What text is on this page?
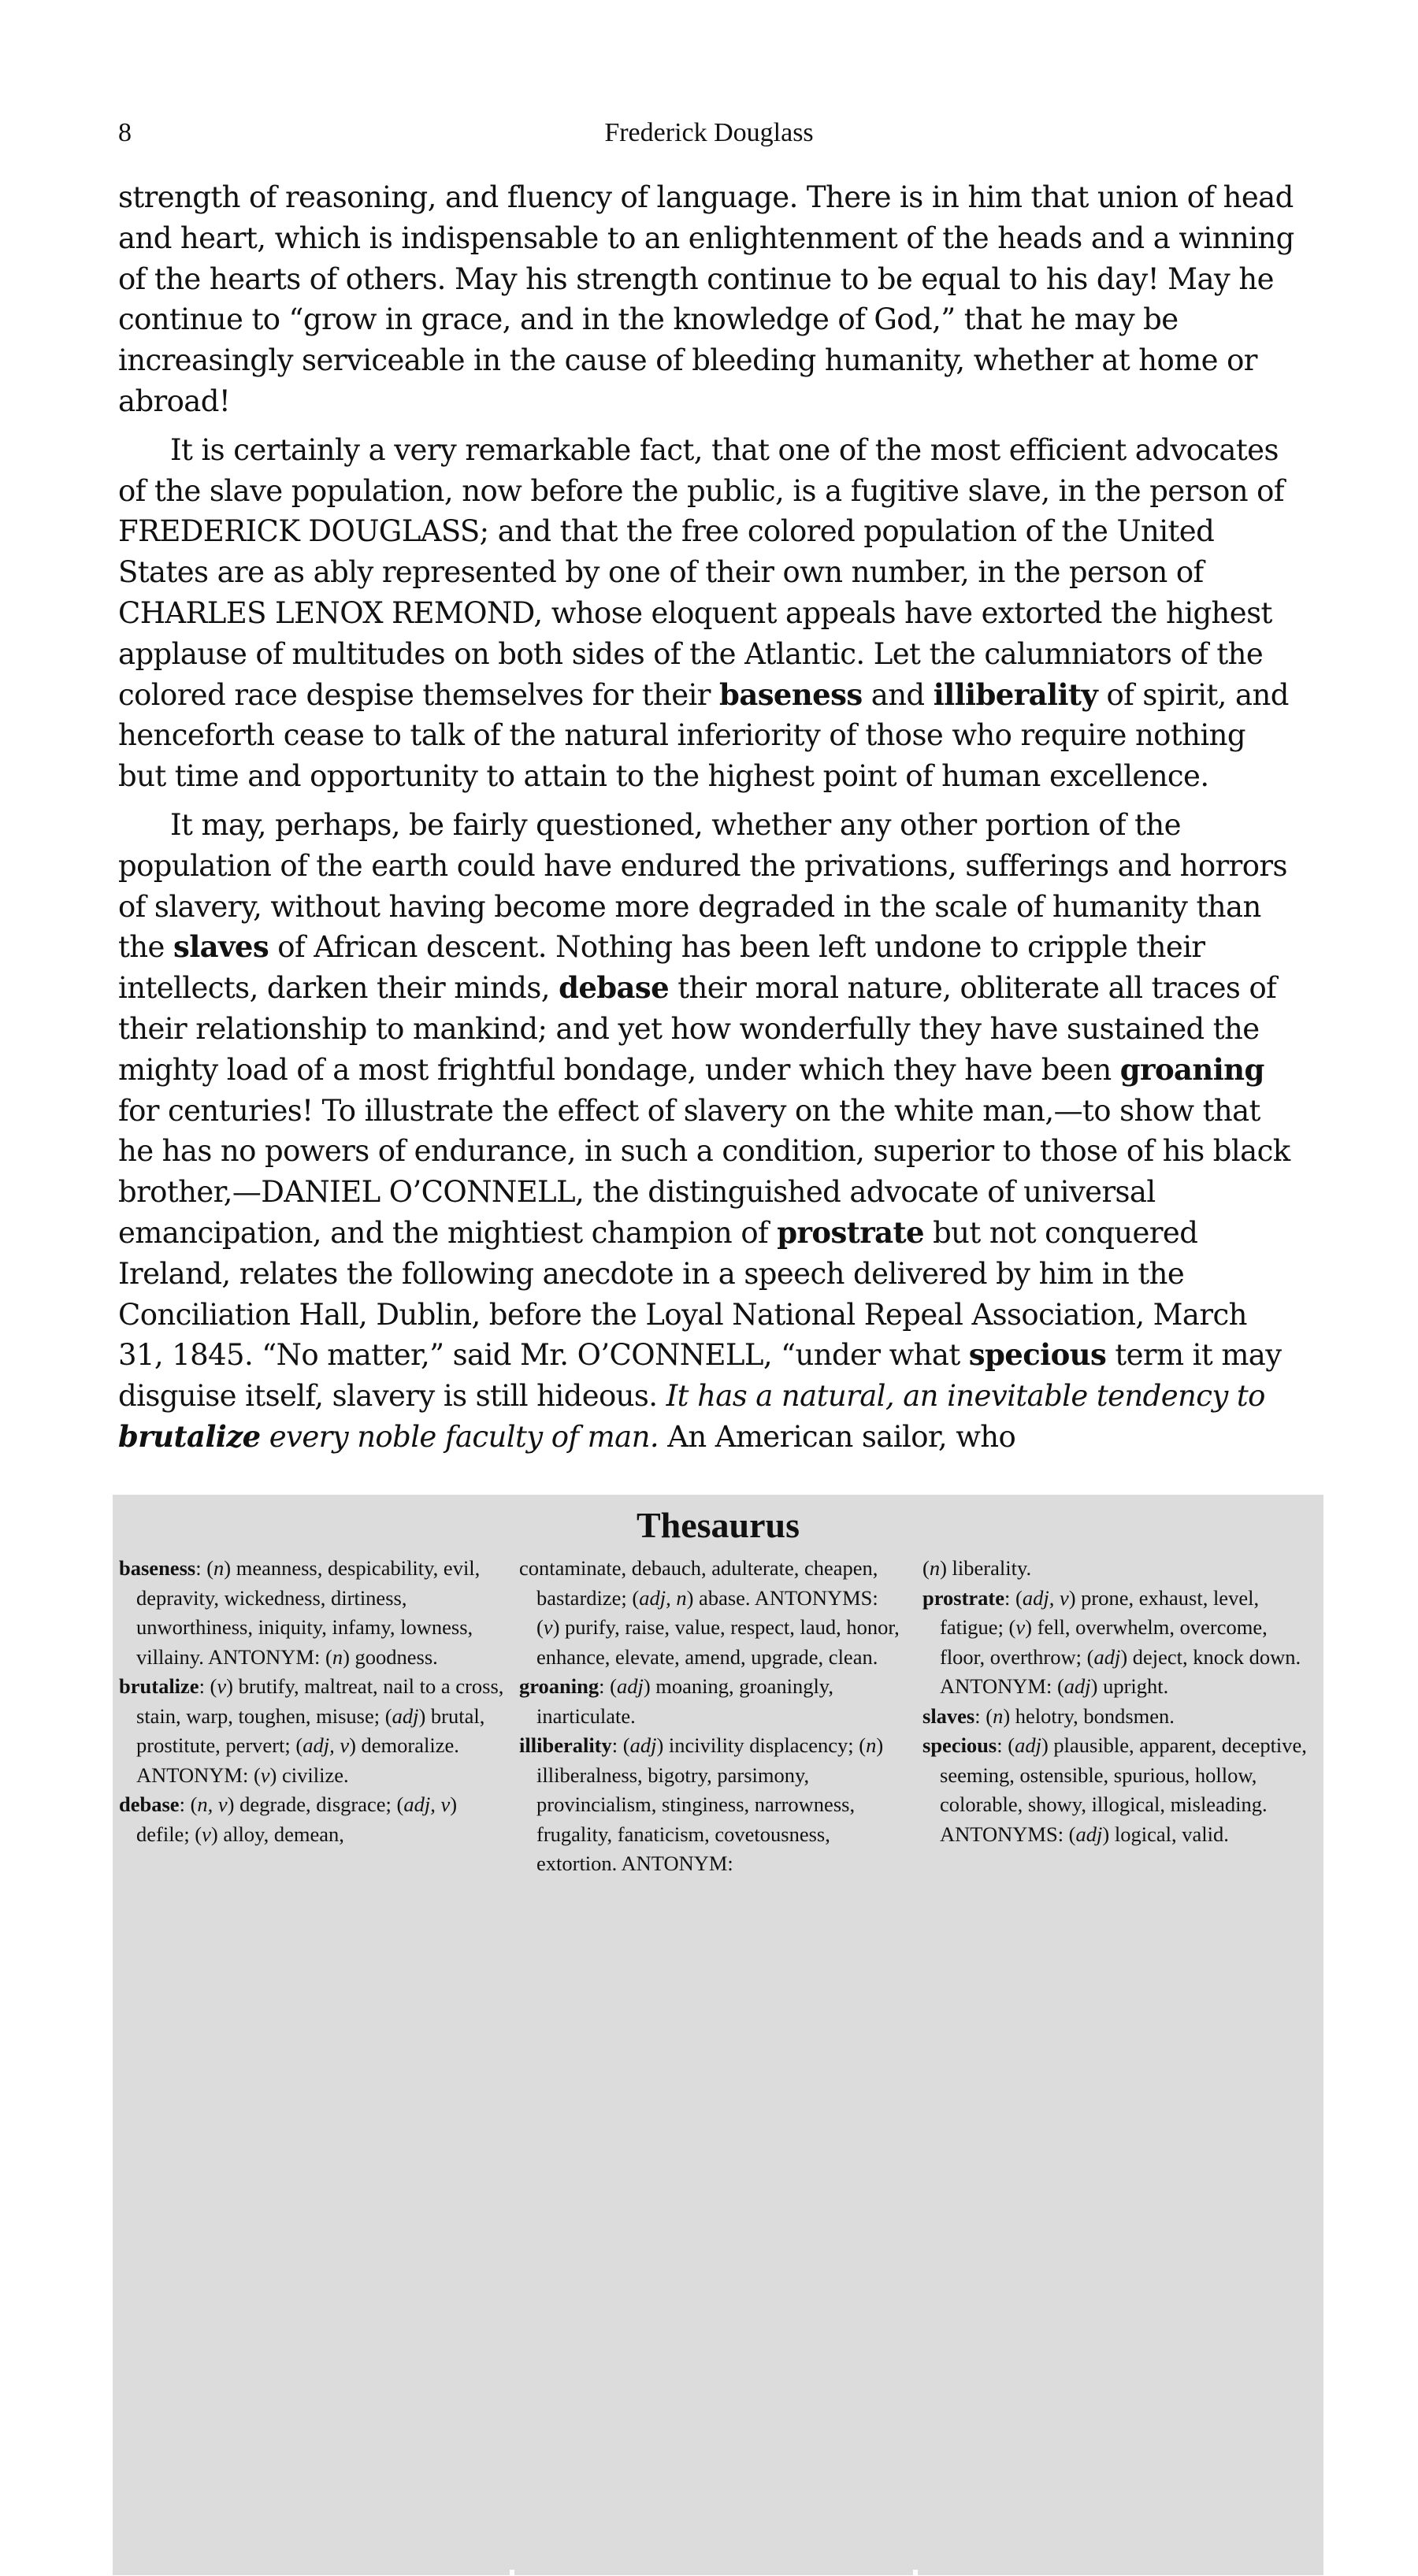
8	Frederick Douglass

strength of reasoning, and fluency of language. There is in him that union of head and heart, which is indispensable to an enlightenment of the heads and a winning of the hearts of others. May his strength continue to be equal to his day! May he continue to “grow in grace, and in the knowledge of God,” that he may be increasingly serviceable in the cause of bleeding humanity, whether at home or abroad!

It is certainly a very remarkable fact, that one of the most efficient advocates of the slave population, now before the public, is a fugitive slave, in the person of FREDERICK DOUGLASS; and that the free colored population of the United States are as ably represented by one of their own number, in the person of CHARLES LENOX REMOND, whose eloquent appeals have extorted the highest applause of multitudes on both sides of the Atlantic. Let the calumniators of the colored race despise themselves for their baseness and illiberality of spirit, and henceforth cease to talk of the natural inferiority of those who require nothing but time and opportunity to attain to the highest point of human excellence.

It may, perhaps, be fairly questioned, whether any other portion of the population of the earth could have endured the privations, sufferings and horrors of slavery, without having become more degraded in the scale of humanity than the slaves of African descent. Nothing has been left undone to cripple their intellects, darken their minds, debase their moral nature, obliterate all traces of their relationship to mankind; and yet how wonderfully they have sustained the mighty load of a most frightful bondage, under which they have been groaning for centuries! To illustrate the effect of slavery on the white man,—to show that he has no powers of endurance, in such a condition, superior to those of his black brother,—DANIEL O’CONNELL, the distinguished advocate of universal emancipation, and the mightiest champion of prostrate but not conquered Ireland, relates the following anecdote in a speech delivered by him in the Conciliation Hall, Dublin, before the Loyal National Repeal Association, March 31, 1845. “No matter,” said Mr. O’CONNELL, “under what specious term it may disguise itself, slavery is still hideous. It has a natural, an inevitable tendency to brutalize every noble faculty of man. An American sailor, who

Thesaurus
baseness: (n) meanness, despicability, evil, depravity, wickedness, dirtiness, unworthiness, iniquity, infamy, lowness, villainy. ANTONYM: (n) goodness.
brutalize: (v) brutify, maltreat, nail to a cross, stain, warp, toughen, misuse; (adj) brutal, prostitute, pervert; (adj, v) demoralize. ANTONYM: (v) civilize.
debase: (n, v) degrade, disgrace; (adj, v) defile; (v) alloy, demean,
contaminate, debauch, adulterate, cheapen, bastardize; (adj, n) abase. ANTONYMS: (v) purify, raise, value, respect, laud, honor, enhance, elevate, amend, upgrade, clean.
groaning: (adj) moaning, groaningly, inarticulate.
illiberality: (adj) incivility displacency; (n) illiberalness, bigotry, parsimony, provincialism, stinginess, narrowness, frugality, fanaticism, covetousness, extortion. ANTONYM:
(n) liberality.
prostrate: (adj, v) prone, exhaust, level, fatigue; (v) fell, overwhelm, overcome, floor, overthrow; (adj) deject, knock down. ANTONYM: (adj) upright.
slaves: (n) helotry, bondsmen.
specious: (adj) plausible, apparent, deceptive, seeming, ostensible, spurious, hollow, colorable, showy, illogical, misleading. ANTONYMS: (adj) logical, valid.
